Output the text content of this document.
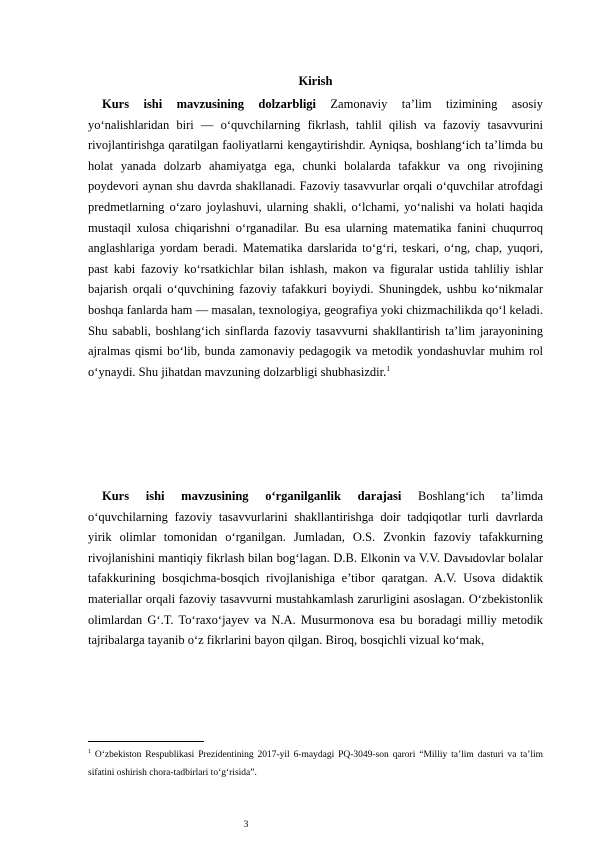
Kirish

Kurs ishi mavzusining dolzarbligi Zamonaviy ta’lim tizimining asosiy yo‘nalishlaridan biri — o‘quvchilarning fikrlash, tahlil qilish va fazoviy tasavvurini rivojlantirishga qaratilgan faoliyatlarni kengaytirishdir. Ayniqsa, boshlang‘ich ta’limda bu holat yanada dolzarb ahamiyatga ega, chunki bolalarda tafakkur va ong rivojining poydevori aynan shu davrda shakllanadi. Fazoviy tasavvurlar orqali o‘quvchilar atrofdagi predmetlarning o‘zaro joylashuvi, ularning shakli, o‘lchami, yo‘nalishi va holati haqida mustaqil xulosa chiqarishni o‘rganadilar. Bu esa ularning matematika fanini chuqurroq anglashlariga yordam beradi. Matematika darslarida to‘g‘ri, teskari, o‘ng, chap, yuqori, past kabi fazoviy ko‘rsatkichlar bilan ishlash, makon va figuralar ustida tahliliy ishlar bajarish orqali o‘quvchining fazoviy tafakkuri boyiydi. Shuningdek, ushbu ko‘nikmalar boshqa fanlarda ham — masalan, texnologiya, geografiya yoki chizmachilikda qo‘l keladi. Shu sababli, boshlang‘ich sinflarda fazoviy tasavvurni shakllantirish ta’lim jarayonining ajralmas qismi bo‘lib, bunda zamonaviy pedagogik va metodik yondashuvlar muhim rol o‘ynaydi. Shu jihatdan mavzuning dolzarbligi shubhasizdir.$^1$

Kurs ishi mavzusining o‘rganilganlik darajasi Boshlang‘ich ta’limda o‘quvchilarning fazoviy tasavvurlarini shakllantirishga doir tadqiqotlar turli davrlarda yirik olimlar tomonidan o‘rganilgan. Jumladan, O.S. Zvonkin fazoviy tafakkurning rivojlanishini mantiqiy fikrlash bilan bog‘lagan. D.B. Elkonin va V.V. Davыdovlar bolalar tafakkurining bosqichma-bosqich rivojlanishiga e’tibor qaratgan. A.V. Usova didaktik materiallar orqali fazoviy tasavvurni mustahkamlash zarurligini asoslagan. O‘zbekistonlik olimlardan G‘.T. To‘raxo‘jayev va N.A. Musurmonova esa bu boradagi milliy metodik tajribalarga tayanib o‘z fikrlarini bayon qilgan. Biroq, bosqichli vizual ko‘mak,

$^1$ O‘zbekiston Respublikasi Prezidentining 2017-yil 6-maydagi PQ-3049-son qarori “Milliy ta’lim dasturi va ta’lim sifatini oshirish chora-tadbirlari to‘g‘risida”.

3
